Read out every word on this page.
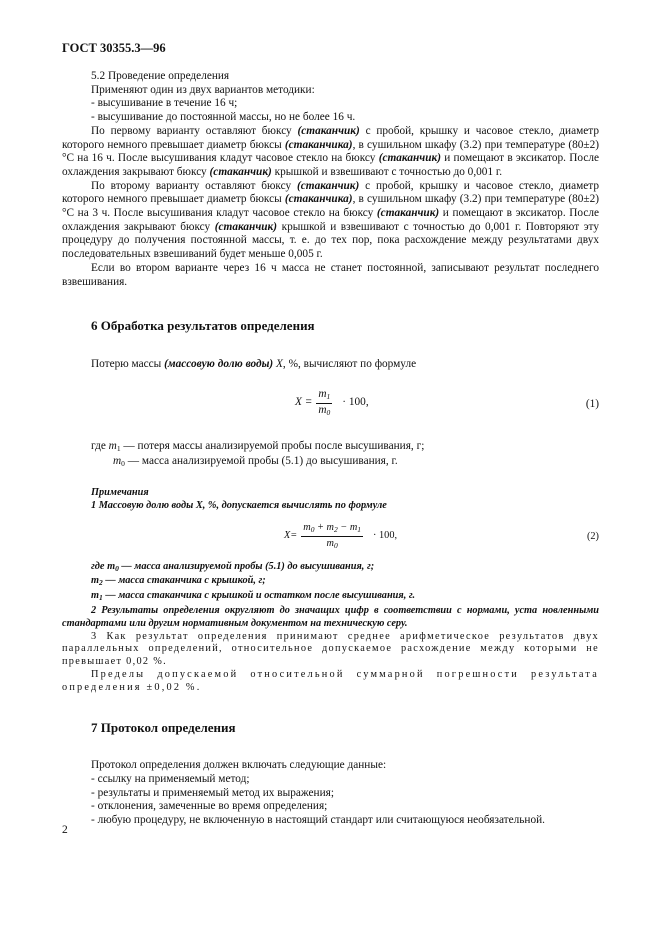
ГОСТ 30355.3—96

5.2 Проведение определения

Применяют один из двух вариантов методики:

- высушивание в течение 16 ч;

- высушивание до постоянной массы, но не более 16 ч.

По первому варианту оставляют бюксу (стаканчик) с пробой, крышку и часовое стекло, диаметр которого немного превышает диаметр бюксы (стаканчика), в сушильном шкафу (3.2) при температуре (80±2) °С на 16 ч. После высушивания кладут часовое стекло на бюксу (стаканчик) и помещают в эксикатор. После охлаждения закрывают бюксу (стаканчик) крышкой и взвешивают с точностью до 0,001 г.

По второму варианту оставляют бюксу (стаканчик) с пробой, крышку и часовое стекло, диаметр которого немного превышает диаметр бюксы (стаканчика), в сушильном шкафу (3.2) при температуре (80±2) °С на 3 ч. После высушивания кладут часовое стекло на бюксу (стаканчик) и помещают в эксикатор. После охлаждения закрывают бюксу (стаканчик) крышкой и взвешивают с точностью до 0,001 г. Повторяют эту процедуру до получения постоянной массы, т. е. до тех пор, пока расхождение между результатами двух последовательных взвешиваний будет меньше 0,005 г.

Если во втором варианте через 16 ч масса не станет постоянной, записывают результат последнего взвешивания.

6 Обработка результатов определения

Потерю массы (массовую долю воды) X, %, вычисляют по формуле

$X = \frac{m_1}{m_0} \cdot 100$,	(1)

где $m_1$ — потеря массы анализируемой пробы после высушивания, г;

$m_0$ — масса анализируемой пробы (5.1) до высушивания, г.

Примечания

1 Массовую долю воды X, %, допускается вычислять по формуле

$X= \frac{m_0 + m_2 - m_1}{m_0} \cdot 100$,	(2)

где $m_0$ — масса анализируемой пробы (5.1) до высушивания, г;

$m_2$ — масса стаканчика с крышкой, г;

$m_1$ — масса стаканчика с крышкой и остатком после высушивания, г.

2 Результаты определения округляют до значащих цифр в соответствии с нормами, уста новленными стандартами или другим нормативным документом на техническую серу.

3 Как результат определения принимают среднее арифметическое результатов двух параллельных определений, относительное допускаемое расхождение между которыми не превышает 0,02 %.

Пределы допускаемой относительной суммарной погрешности результата определения ±0,02 %.

7 Протокол определения

Протокол определения должен включать следующие данные:

- ссылку на применяемый метод;

- результаты и применяемый метод их выражения;

- отклонения, замеченные во время определения;

- любую процедуру, не включенную в настоящий стандарт или считающуюся необязательной.

2
